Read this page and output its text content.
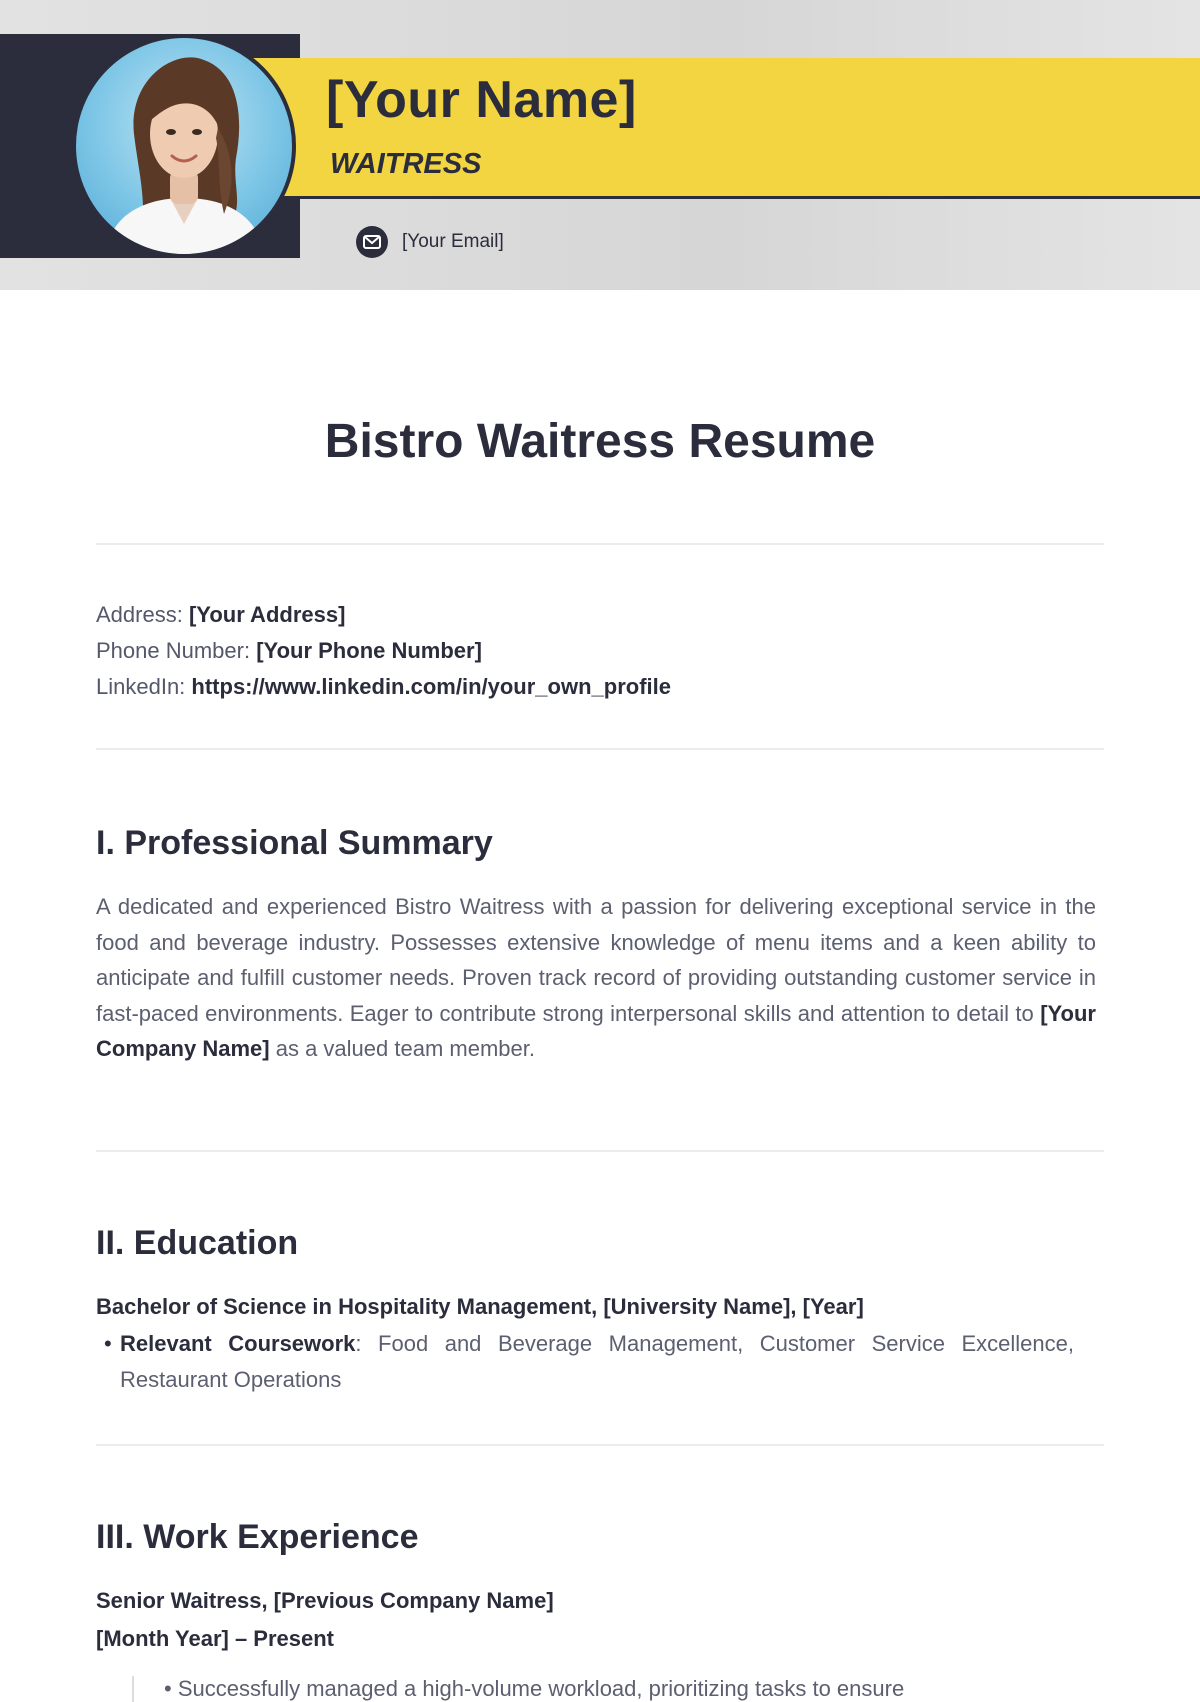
[Your Name]
WAITRESS
[Your Email]
Bistro Waitress Resume
Address: [Your Address]
Phone Number: [Your Phone Number]
LinkedIn: https://www.linkedin.com/in/your_own_profile
I. Professional Summary
A dedicated and experienced Bistro Waitress with a passion for delivering exceptional service in the food and beverage industry. Possesses extensive knowledge of menu items and a keen ability to anticipate and fulfill customer needs. Proven track record of providing outstanding customer service in fast-paced environments. Eager to contribute strong interpersonal skills and attention to detail to [Your Company Name] as a valued team member.
II. Education
Bachelor of Science in Hospitality Management, [University Name], [Year]
• Relevant Coursework: Food and Beverage Management, Customer Service Excellence, Restaurant Operations
III. Work Experience
Senior Waitress, [Previous Company Name]
[Month Year] – Present
• Successfully managed a high-volume workload, prioritizing tasks to ensure
